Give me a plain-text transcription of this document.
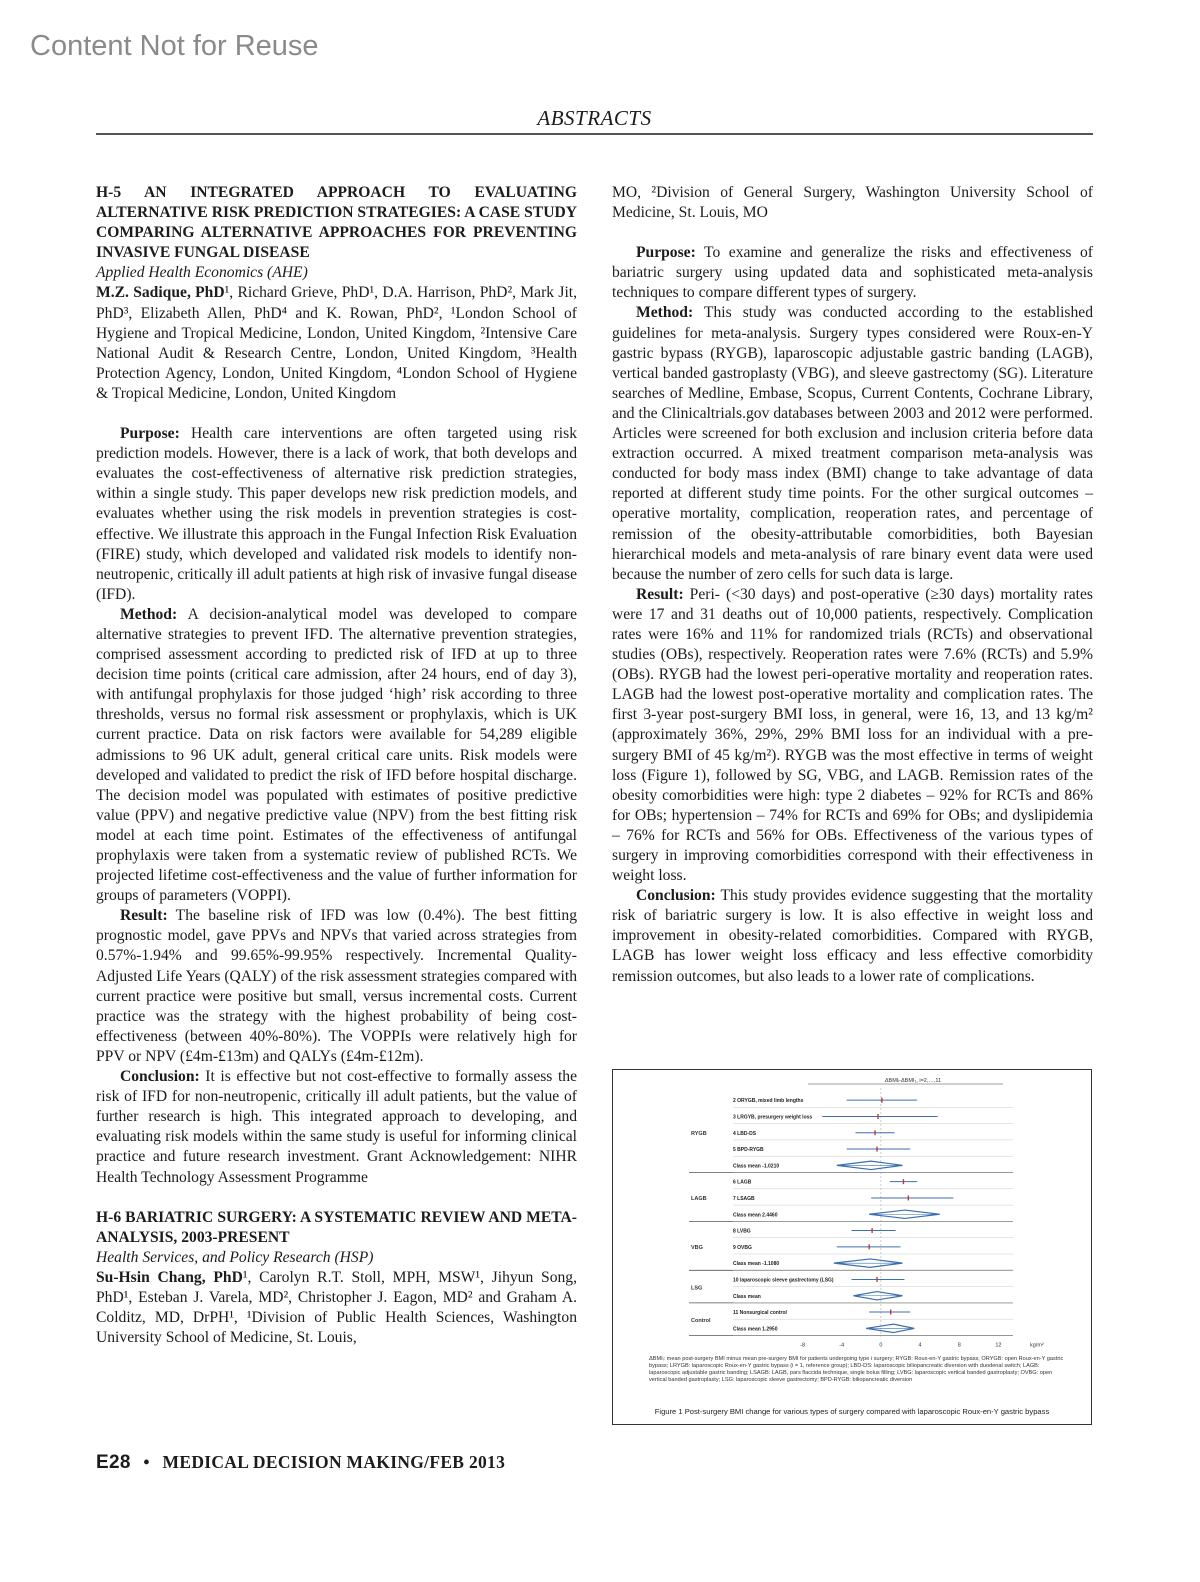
Content Not for Reuse
ABSTRACTS

H-5 AN INTEGRATED APPROACH TO EVALUATING ALTERNATIVE RISK PREDICTION STRATEGIES: A CASE STUDY COMPARING ALTERNATIVE APPROACHES FOR PREVENTING INVASIVE FUNGAL DISEASE

Applied Health Economics (AHE)

M.Z. Sadique, PhD¹, Richard Grieve, PhD¹, D.A. Harrison, PhD², Mark Jit, PhD³, Elizabeth Allen, PhD⁴ and K. Rowan, PhD², ¹London School of Hygiene and Tropical Medicine, London, United Kingdom, ²Intensive Care National Audit & Research Centre, London, United Kingdom, ³Health Protection Agency, London, United Kingdom, ⁴London School of Hygiene & Tropical Medicine, London, United Kingdom

Purpose: Health care interventions are often targeted using risk prediction models. However, there is a lack of work, that both develops and evaluates the cost-effectiveness of alternative risk prediction strategies, within a single study. This paper develops new risk prediction models, and evaluates whether using the risk models in prevention strategies is cost-effective. We illustrate this approach in the Fungal Infection Risk Evaluation (FIRE) study, which developed and validated risk models to identify non-neutropenic, critically ill adult patients at high risk of invasive fungal disease (IFD).

Method: A decision-analytical model was developed to compare alternative strategies to prevent IFD. The alternative prevention strategies, comprised assessment according to predicted risk of IFD at up to three decision time points (critical care admission, after 24 hours, end of day 3), with antifungal prophylaxis for those judged ‘high’ risk according to three thresholds, versus no formal risk assessment or prophylaxis, which is UK current practice. Data on risk factors were available for 54,289 eligible admissions to 96 UK adult, general critical care units. Risk models were developed and validated to predict the risk of IFD before hospital discharge. The decision model was populated with estimates of positive predictive value (PPV) and negative predictive value (NPV) from the best fitting risk model at each time point. Estimates of the effectiveness of antifungal prophylaxis were taken from a systematic review of published RCTs. We projected lifetime cost-effectiveness and the value of further information for groups of parameters (VOPPI).

Result: The baseline risk of IFD was low (0.4%). The best fitting prognostic model, gave PPVs and NPVs that varied across strategies from 0.57%-1.94% and 99.65%-99.95% respectively. Incremental Quality-Adjusted Life Years (QALY) of the risk assessment strategies compared with current practice were positive but small, versus incremental costs. Current practice was the strategy with the highest probability of being cost-effectiveness (between 40%-80%). The VOPPIs were relatively high for PPV or NPV (£4m-£13m) and QALYs (£4m-£12m).

Conclusion: It is effective but not cost-effective to formally assess the risk of IFD for non-neutropenic, critically ill adult patients, but the value of further research is high. This integrated approach to developing, and evaluating risk models within the same study is useful for informing clinical practice and future research investment. Grant Acknowledgement: NIHR Health Technology Assessment Programme

H-6 BARIATRIC SURGERY: A SYSTEMATIC REVIEW AND META-ANALYSIS, 2003-PRESENT

Health Services, and Policy Research (HSP)

Su-Hsin Chang, PhD¹, Carolyn R.T. Stoll, MPH, MSW¹, Jihyun Song, PhD¹, Esteban J. Varela, MD², Christopher J. Eagon, MD² and Graham A. Colditz, MD, DrPH¹, ¹Division of Public Health Sciences, Washington University School of Medicine, St. Louis,

MO, ²Division of General Surgery, Washington University School of Medicine, St. Louis, MO

Purpose: To examine and generalize the risks and effectiveness of bariatric surgery using updated data and sophisticated meta-analysis techniques to compare different types of surgery.

Method: This study was conducted according to the established guidelines for meta-analysis. Surgery types considered were Roux-en-Y gastric bypass (RYGB), laparoscopic adjustable gastric banding (LAGB), vertical banded gastroplasty (VBG), and sleeve gastrectomy (SG). Literature searches of Medline, Embase, Scopus, Current Contents, Cochrane Library, and the Clinicaltrials.gov databases between 2003 and 2012 were performed. Articles were screened for both exclusion and inclusion criteria before data extraction occurred. A mixed treatment comparison meta-analysis was conducted for body mass index (BMI) change to take advantage of data reported at different study time points. For the other surgical outcomes – operative mortality, complication, reoperation rates, and percentage of remission of the obesity-attributable comorbidities, both Bayesian hierarchical models and meta-analysis of rare binary event data were used because the number of zero cells for such data is large.

Result: Peri- (<30 days) and post-operative (≥30 days) mortality rates were 17 and 31 deaths out of 10,000 patients, respectively. Complication rates were 16% and 11% for randomized trials (RCTs) and observational studies (OBs), respectively. Reoperation rates were 7.6% (RCTs) and 5.9% (OBs). RYGB had the lowest peri-operative mortality and reoperation rates. LAGB had the lowest post-operative mortality and complication rates. The first 3-year post-surgery BMI loss, in general, were 16, 13, and 13 kg/m² (approximately 36%, 29%, 29% BMI loss for an individual with a pre-surgery BMI of 45 kg/m²). RYGB was the most effective in terms of weight loss (Figure 1), followed by SG, VBG, and LAGB. Remission rates of the obesity comorbidities were high: type 2 diabetes – 92% for RCTs and 86% for OBs; hypertension – 74% for RCTs and 69% for OBs; and dyslipidemia – 76% for RCTs and 56% for OBs. Effectiveness of the various types of surgery in improving comorbidities correspond with their effectiveness in weight loss.

Conclusion: This study provides evidence suggesting that the mortality risk of bariatric surgery is low. It is also effective in weight loss and improvement in obesity-related comorbidities. Compared with RYGB, LAGB has lower weight loss efficacy and less effective comorbidity remission outcomes, but also leads to a lower rate of complications.

ΔBMIᵢ-ΔBMI₁, i=2,…,11
RYGB
LAGB
VBG
LSG
Control
2 ORYGB, mixed limb lengths
3 LRGYB, presurgery weight loss
4 LBD-DS
5 BPD-RYGB
Class mean -1.0210
6 LAGB
7 LSAGB
Class mean 2.4460
8 LVBG
9 OVBG
Class mean -1.1080
10 laparoscopic sleeve gastrectomy (LSG)
Class mean
11 Nonsurgical control
Class mean 1.2950
-8	-4	0	4	8	12	kg/m²
ΔBMIᵢ: mean post-surgery BMI minus mean pre-surgery BMI for patients undergoing type i surgery; RYGB: Roux-en-Y gastric bypass; ORYGB: open Roux-en-Y gastric bypass; LRYGB: laparoscopic Roux-en-Y gastric bypass (i = 1, reference group); LBD-DS: laparoscopic biliopancreatic diversion with duodenal switch; LAGB: laparoscopic adjustable gastric banding; LSAGB: LAGB, pars flaccida technique, single bolus filling; LVBG: laparoscopic vertical banded gastroplasty; OVBG: open vertical banded gastroplasty; LSG: laparoscopic sleeve gastrectomy; BPD-RYGB: biliopancreatic diversion
Figure 1 Post-surgery BMI change for various types of surgery compared with laparoscopic Roux-en-Y gastric bypass
E28 • MEDICAL DECISION MAKING/FEB 2013
